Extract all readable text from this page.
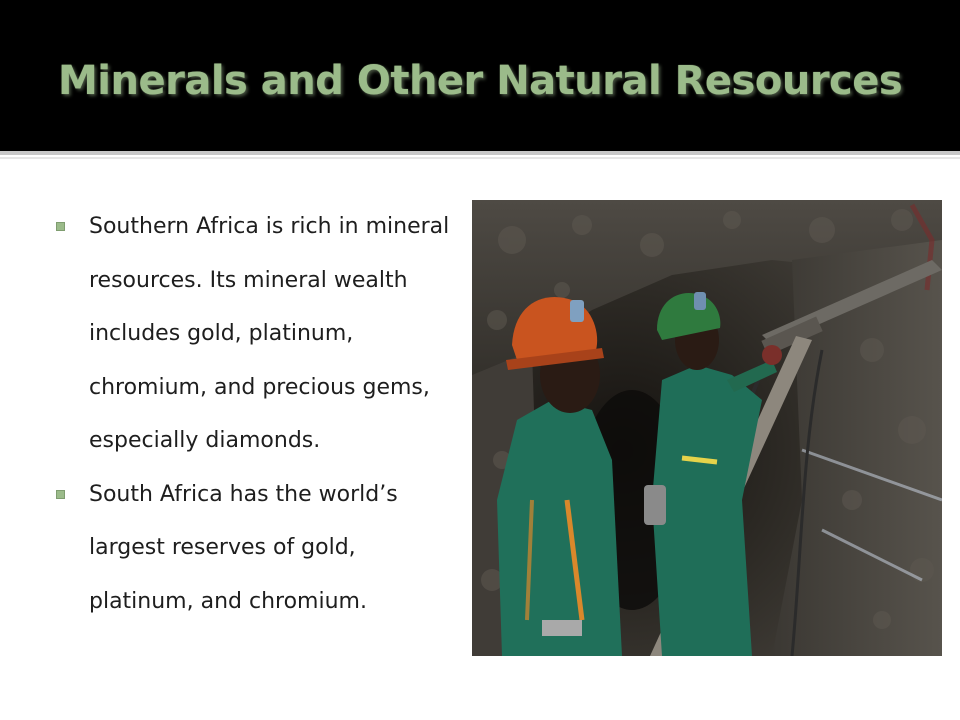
Minerals and Other Natural Resources
Southern Africa is rich in mineral resources. Its mineral wealth includes gold, platinum, chromium, and precious gems, especially diamonds.
South Africa has the world’s largest reserves of gold, platinum, and chromium.
